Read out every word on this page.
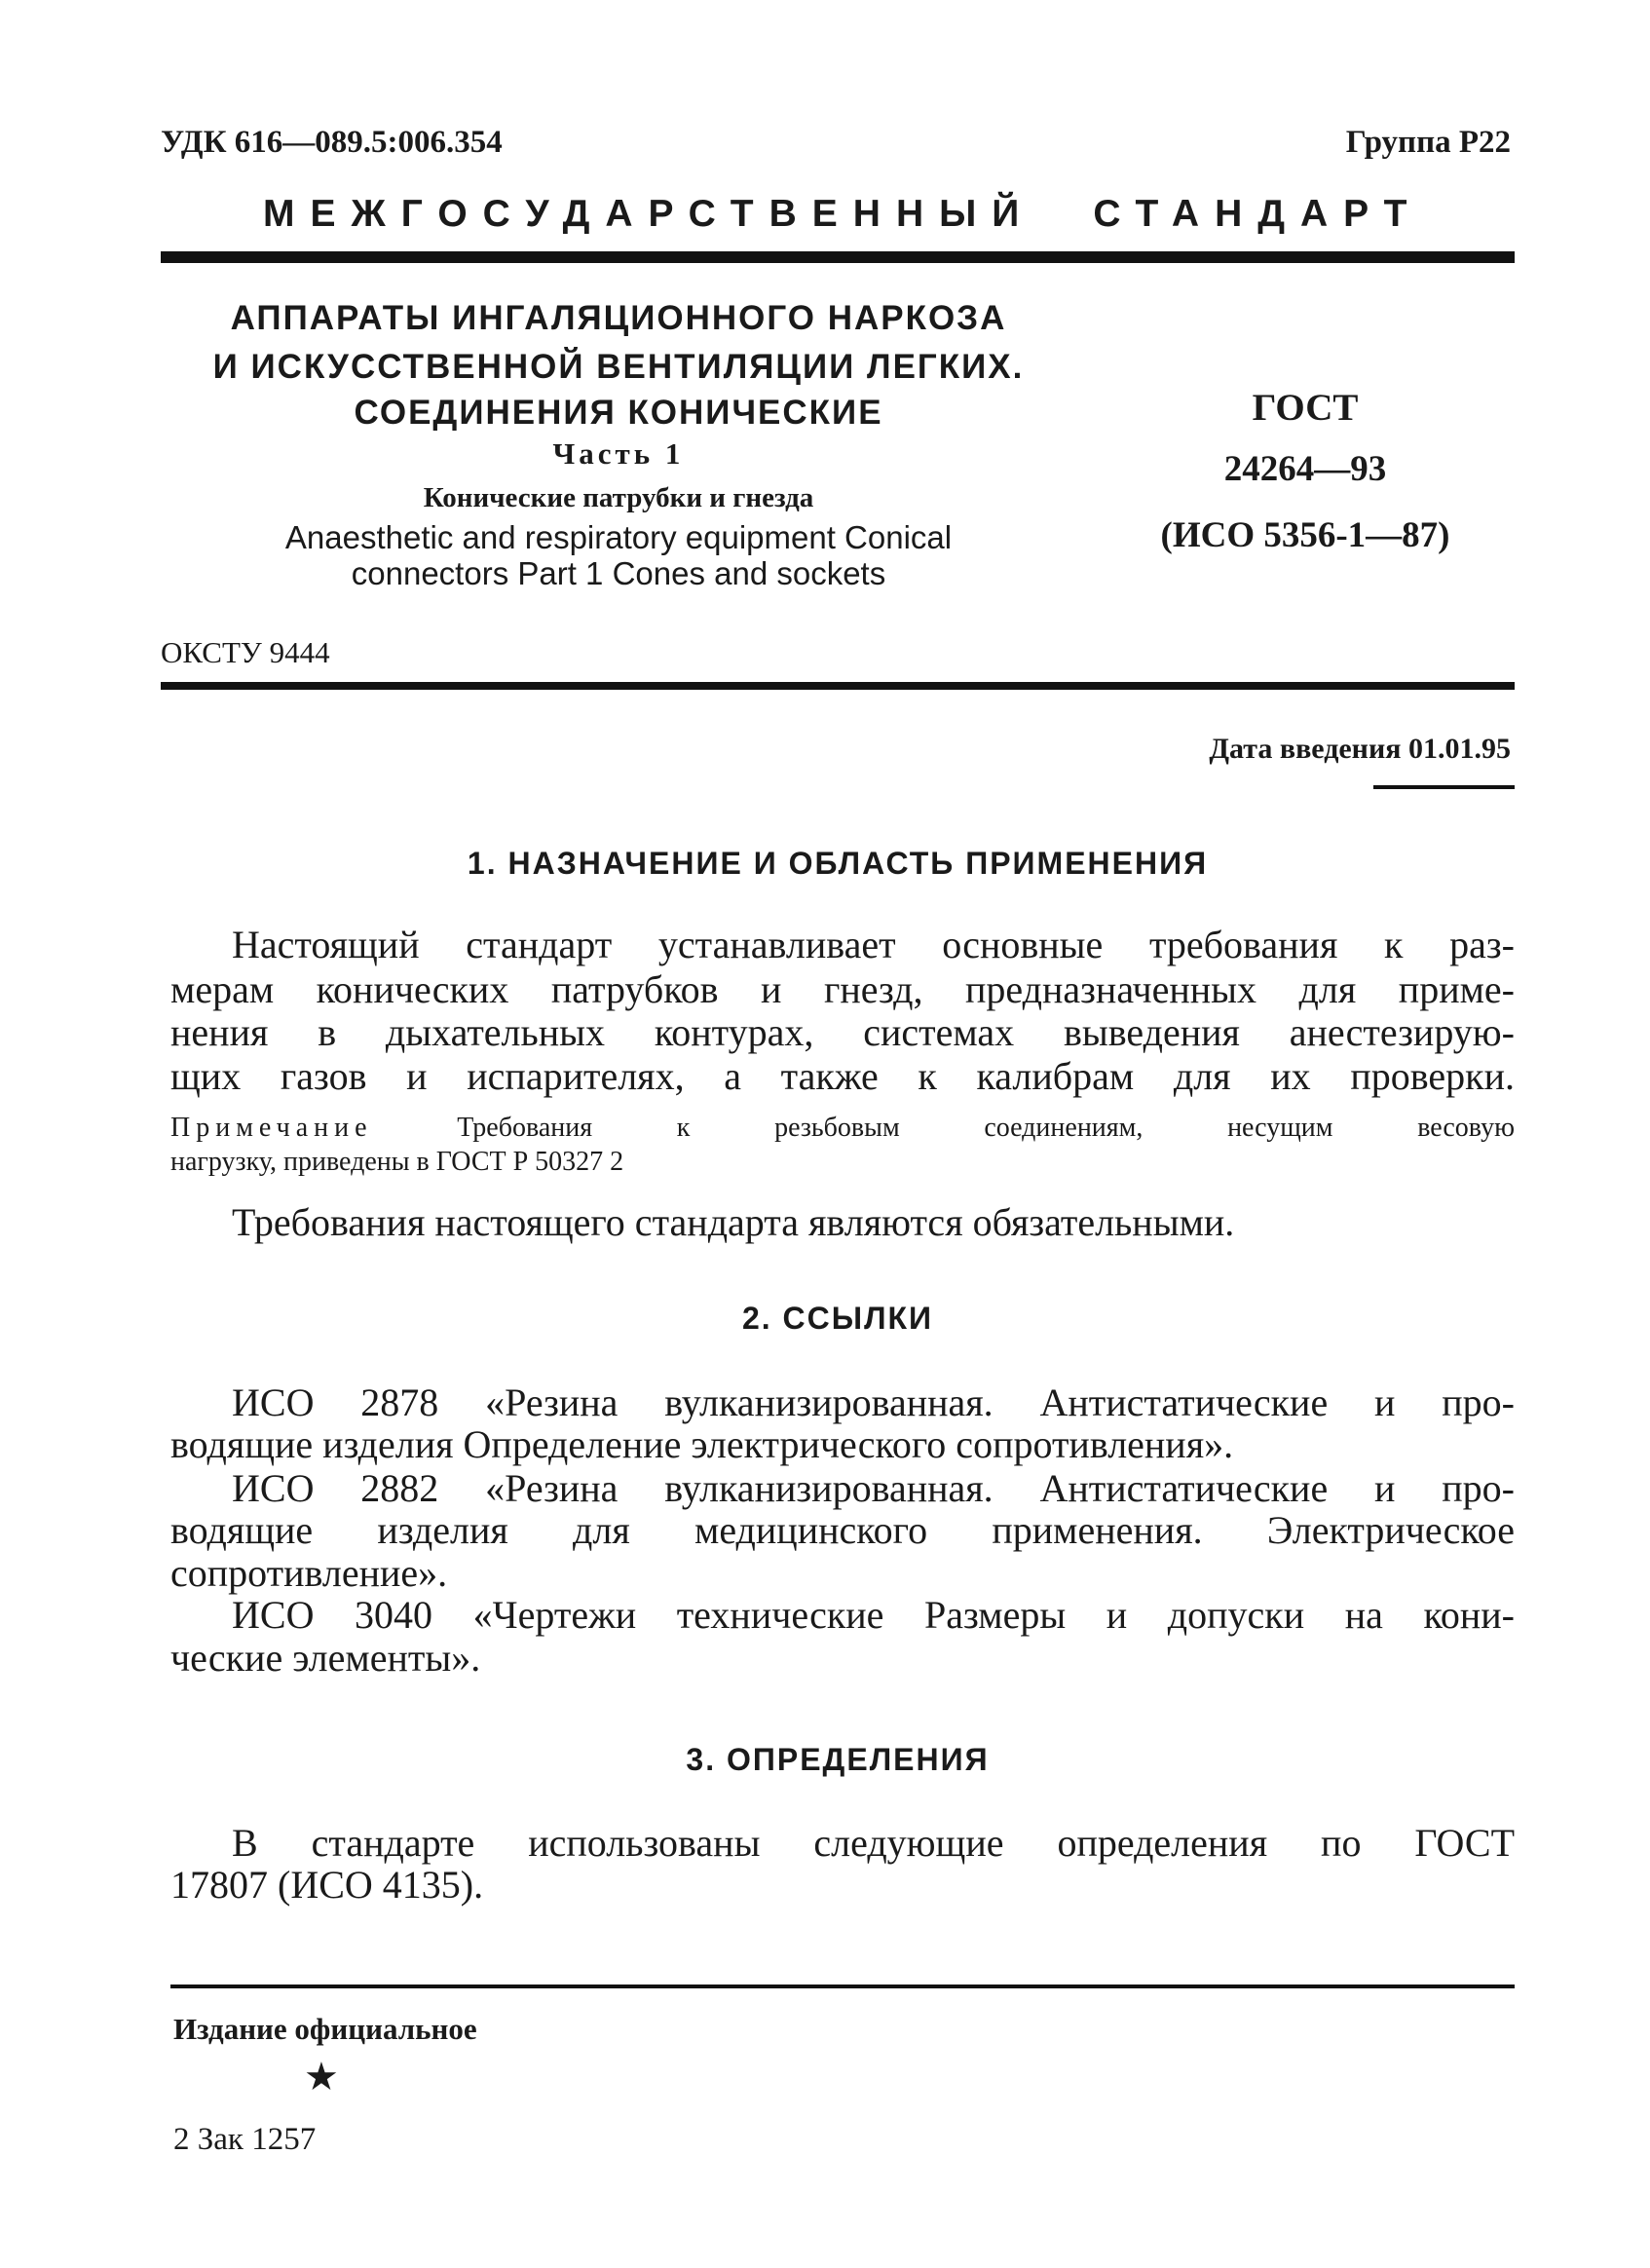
УДК 616—089.5:006.354	Группа Р22
МЕЖГОСУДАРСТВЕННЫЙ СТАНДАРТ
АППАРАТЫ ИНГАЛЯЦИОННОГО НАРКОЗА
И ИСКУССТВЕННОЙ ВЕНТИЛЯЦИИ ЛЕГКИХ.
СОЕДИНЕНИЯ КОНИЧЕСКИЕ
Часть 1
Конические патрубки и гнезда
Anaesthetic and respiratory equipment Conical
connectors Part 1 Cones and sockets
ГОСТ
24264—93
(ИСО 5356-1—87)
ОКСТУ 9444
Дата введения 01.01.95
1. НАЗНАЧЕНИЕ И ОБЛАСТЬ ПРИМЕНЕНИЯ
Настоящий стандарт устанавливает основные требования к раз-
мерам конических патрубков и гнезд, предназначенных для приме-
нения в дыхательных контурах, системах выведения анестезирую-
щих газов и испарителях, а также к калибрам для их проверки.
Примечание	Требования к резьбовым соединениям, несущим весовую
нагрузку, приведены в ГОСТ Р 50327 2
Требования настоящего стандарта являются обязательными.
2. ССЫЛКИ
ИСО 2878 «Резина вулканизированная. Антистатические и про-
водящие изделия Определение электрического сопротивления».
ИСО 2882 «Резина вулканизированная. Антистатические и про-
водящие изделия для медицинского применения. Электрическое
сопротивление».
ИСО 3040 «Чертежи технические Размеры и допуски на кони-
ческие элементы».
3. ОПРЕДЕЛЕНИЯ
В стандарте использованы следующие определения по ГОСТ
17807 (ИСО 4135).
Издание официальное
★
2 Зак 1257
